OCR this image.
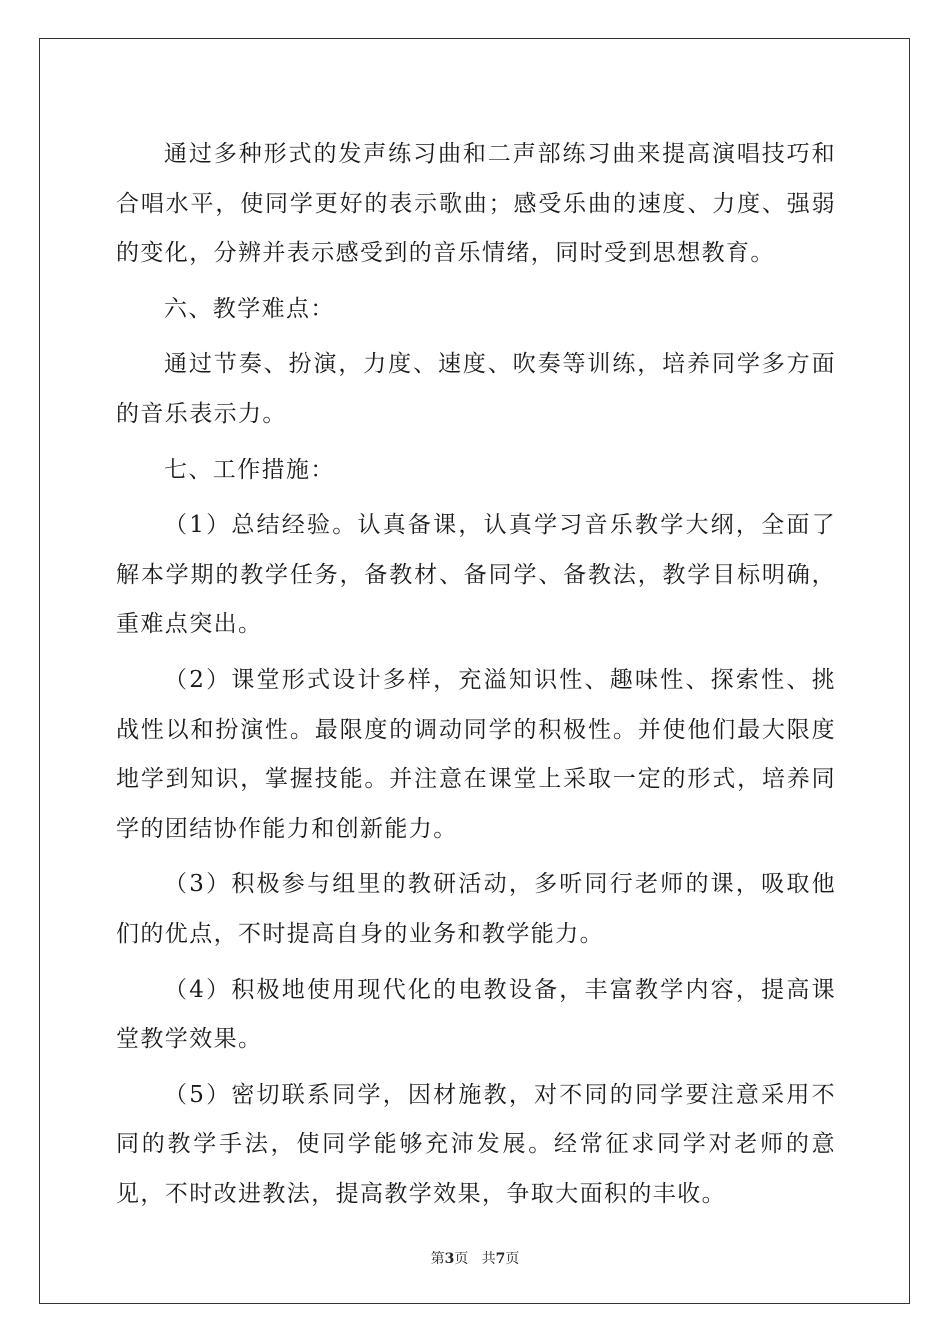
通过多种形式的发声练习曲和二声部练习曲来提高演唱技巧和合唱水平，使同学更好的表示歌曲；感受乐曲的速度、力度、强弱的变化，分辨并表示感受到的音乐情绪，同时受到思想教育。

六、教学难点：

通过节奏、扮演，力度、速度、吹奏等训练，培养同学多方面的音乐表示力。

七、工作措施：

（1）总结经验。认真备课，认真学习音乐教学大纲，全面了解本学期的教学任务，备教材、备同学、备教法，教学目标明确，重难点突出。

（2）课堂形式设计多样，充溢知识性、趣味性、探索性、挑战性以和扮演性。最限度的调动同学的积极性。并使他们最大限度地学到知识，掌握技能。并注意在课堂上采取一定的形式，培养同学的团结协作能力和创新能力。

（3）积极参与组里的教研活动，多听同行老师的课，吸取他们的优点，不时提高自身的业务和教学能力。

（4）积极地使用现代化的电教设备，丰富教学内容，提高课堂教学效果。

（5）密切联系同学，因材施教，对不同的同学要注意采用不同的教学手法，使同学能够充沛发展。经常征求同学对老师的意见，不时改进教法，提高教学效果，争取大面积的丰收。

第3页 共7页
